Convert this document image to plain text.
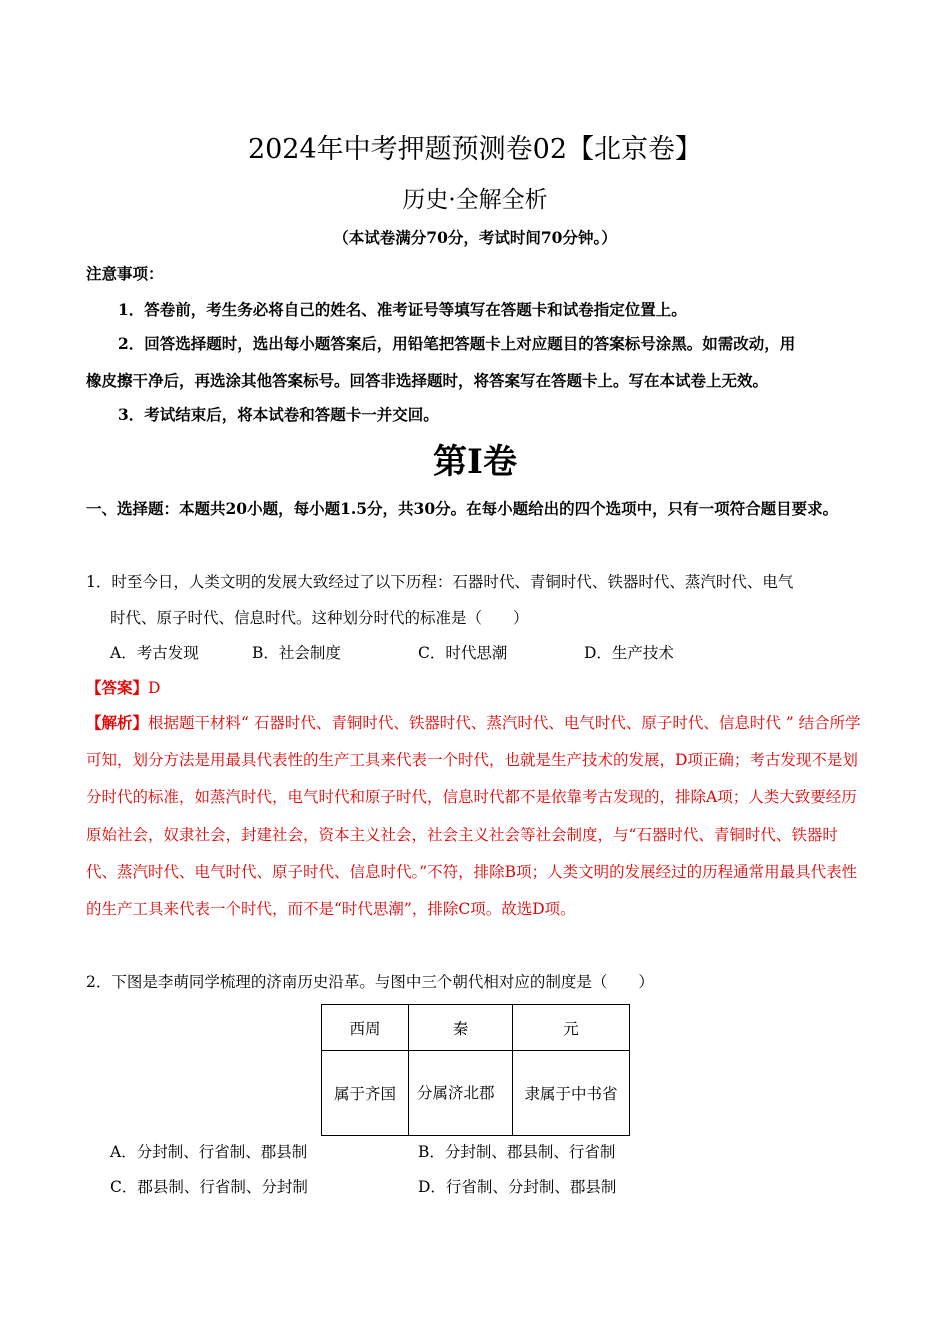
2024年中考押题预测卷02【北京卷】
历史·全解全析
（本试卷满分70分，考试时间70分钟。）
注意事项：
1．答卷前，考生务必将自己的姓名、准考证号等填写在答题卡和试卷指定位置上。
2．回答选择题时，选出每小题答案后，用铅笔把答题卡上对应题目的答案标号涂黑。如需改动，用
橡皮擦干净后，再选涂其他答案标号。回答非选择题时，将答案写在答题卡上。写在本试卷上无效。
3．考试结束后，将本试卷和答题卡一并交回。
第I卷
一、选择题：本题共20小题，每小题1.5分，共30分。在每小题给出的四个选项中，只有一项符合题目要求。
1．时至今日，人类文明的发展大致经过了以下历程：石器时代、青铜时代、铁器时代、蒸汽时代、电气
时代、原子时代、信息时代。这种划分时代的标准是（　　）
A．考古发现	B．社会制度	C．时代思潮	D．生产技术
【答案】D
【解析】根据题干材料“ 石器时代、青铜时代、铁器时代、蒸汽时代、电气时代、原子时代、信息时代 ” 结合所学可知，划分方法是用最具代表性的生产工具来代表一个时代，也就是生产技术的发展，D项正确；考古发现不是划分时代的标准，如蒸汽时代，电气时代和原子时代，信息时代都不是依靠考古发现的，排除A项；人类大致要经历原始社会，奴隶社会，封建社会，资本主义社会，社会主义社会等社会制度，与“石器时代、青铜时代、铁器时代、蒸汽时代、电气时代、原子时代、信息时代。”不符，排除B项；人类文明的发展经过的历程通常用最具代表性的生产工具来代表一个时代，而不是“时代思潮”，排除C项。故选D项。
2．下图是李萌同学梳理的济南历史沿革。与图中三个朝代相对应的制度是（　　）
西周	秦	元
属于齐国	分属济北郡	隶属于中书省
A．分封制、行省制、郡县制	B．分封制、郡县制、行省制
C．郡县制、行省制、分封制	D．行省制、分封制、郡县制
